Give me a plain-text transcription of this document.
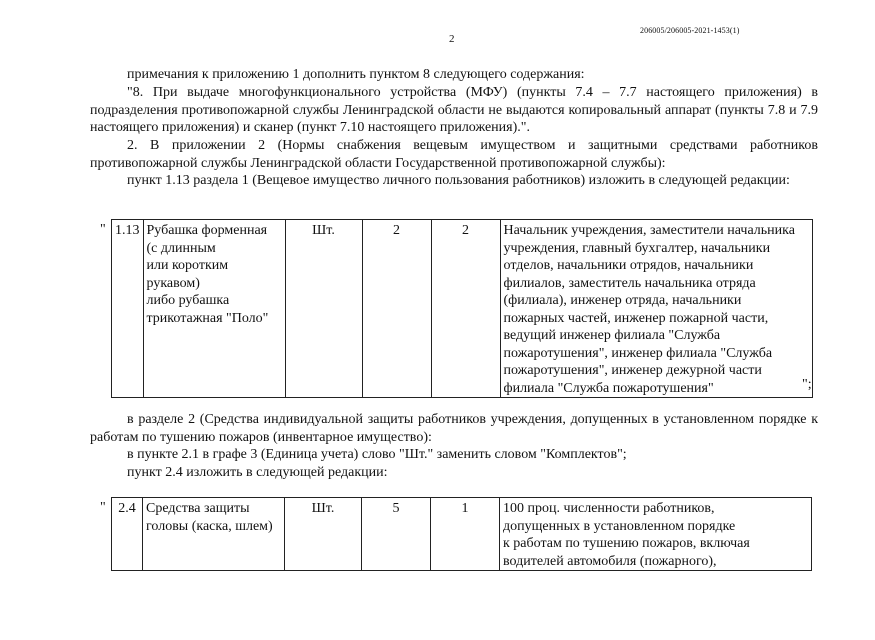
206005/206005-2021-1453(1)
2

примечания к приложению 1 дополнить пунктом 8 следующего содержания:

"8. При выдаче многофункционального устройства (МФУ) (пункты 7.4 – 7.7 настоящего приложения) в подразделения противопожарной службы Ленинградской области не выдаются копировальный аппарат (пункты 7.8 и 7.9 настоящего приложения) и сканер (пункт 7.10 настоящего приложения).".

2. В приложении 2 (Нормы снабжения вещевым имуществом и защитными средствами работников противопожарной службы Ленинградской области Государственной противопожарной службы):

пункт 1.13 раздела 1 (Вещевое имущество личного пользования работников) изложить в следующей редакции:

" 1.13	Рубашка форменная
(с длинным
или коротким
рукавом)
либо рубашка
трикотажная "Поло"
	Шт.	2	2	Начальник учреждения, заместители начальника
учреждения, главный бухгалтер, начальники
отделов, начальники отрядов, начальники
филиалов, заместитель начальника отряда
(филиала), инженер отряда, начальники
пожарных частей, инженер пожарной части,
ведущий инженер филиала "Служба
пожаротушения", инженер филиала "Служба
пожаротушения", инженер дежурной части
филиала "Служба пожаротушения"	";

в разделе 2 (Средства индивидуальной защиты работников учреждения, допущенных в установленном порядке к работам по тушению пожаров (инвентарное имущество):

в пункте 2.1 в графе 3 (Единица учета) слово "Шт." заменить словом "Комплектов";

пункт 2.4 изложить в следующей редакции:

" 2.4	Средства защиты
головы (каска, шлем)
	Шт.	5	1	100 проц. численности работников,
допущенных в установленном порядке
к работам по тушению пожаров, включая
водителей автомобиля (пожарного),
